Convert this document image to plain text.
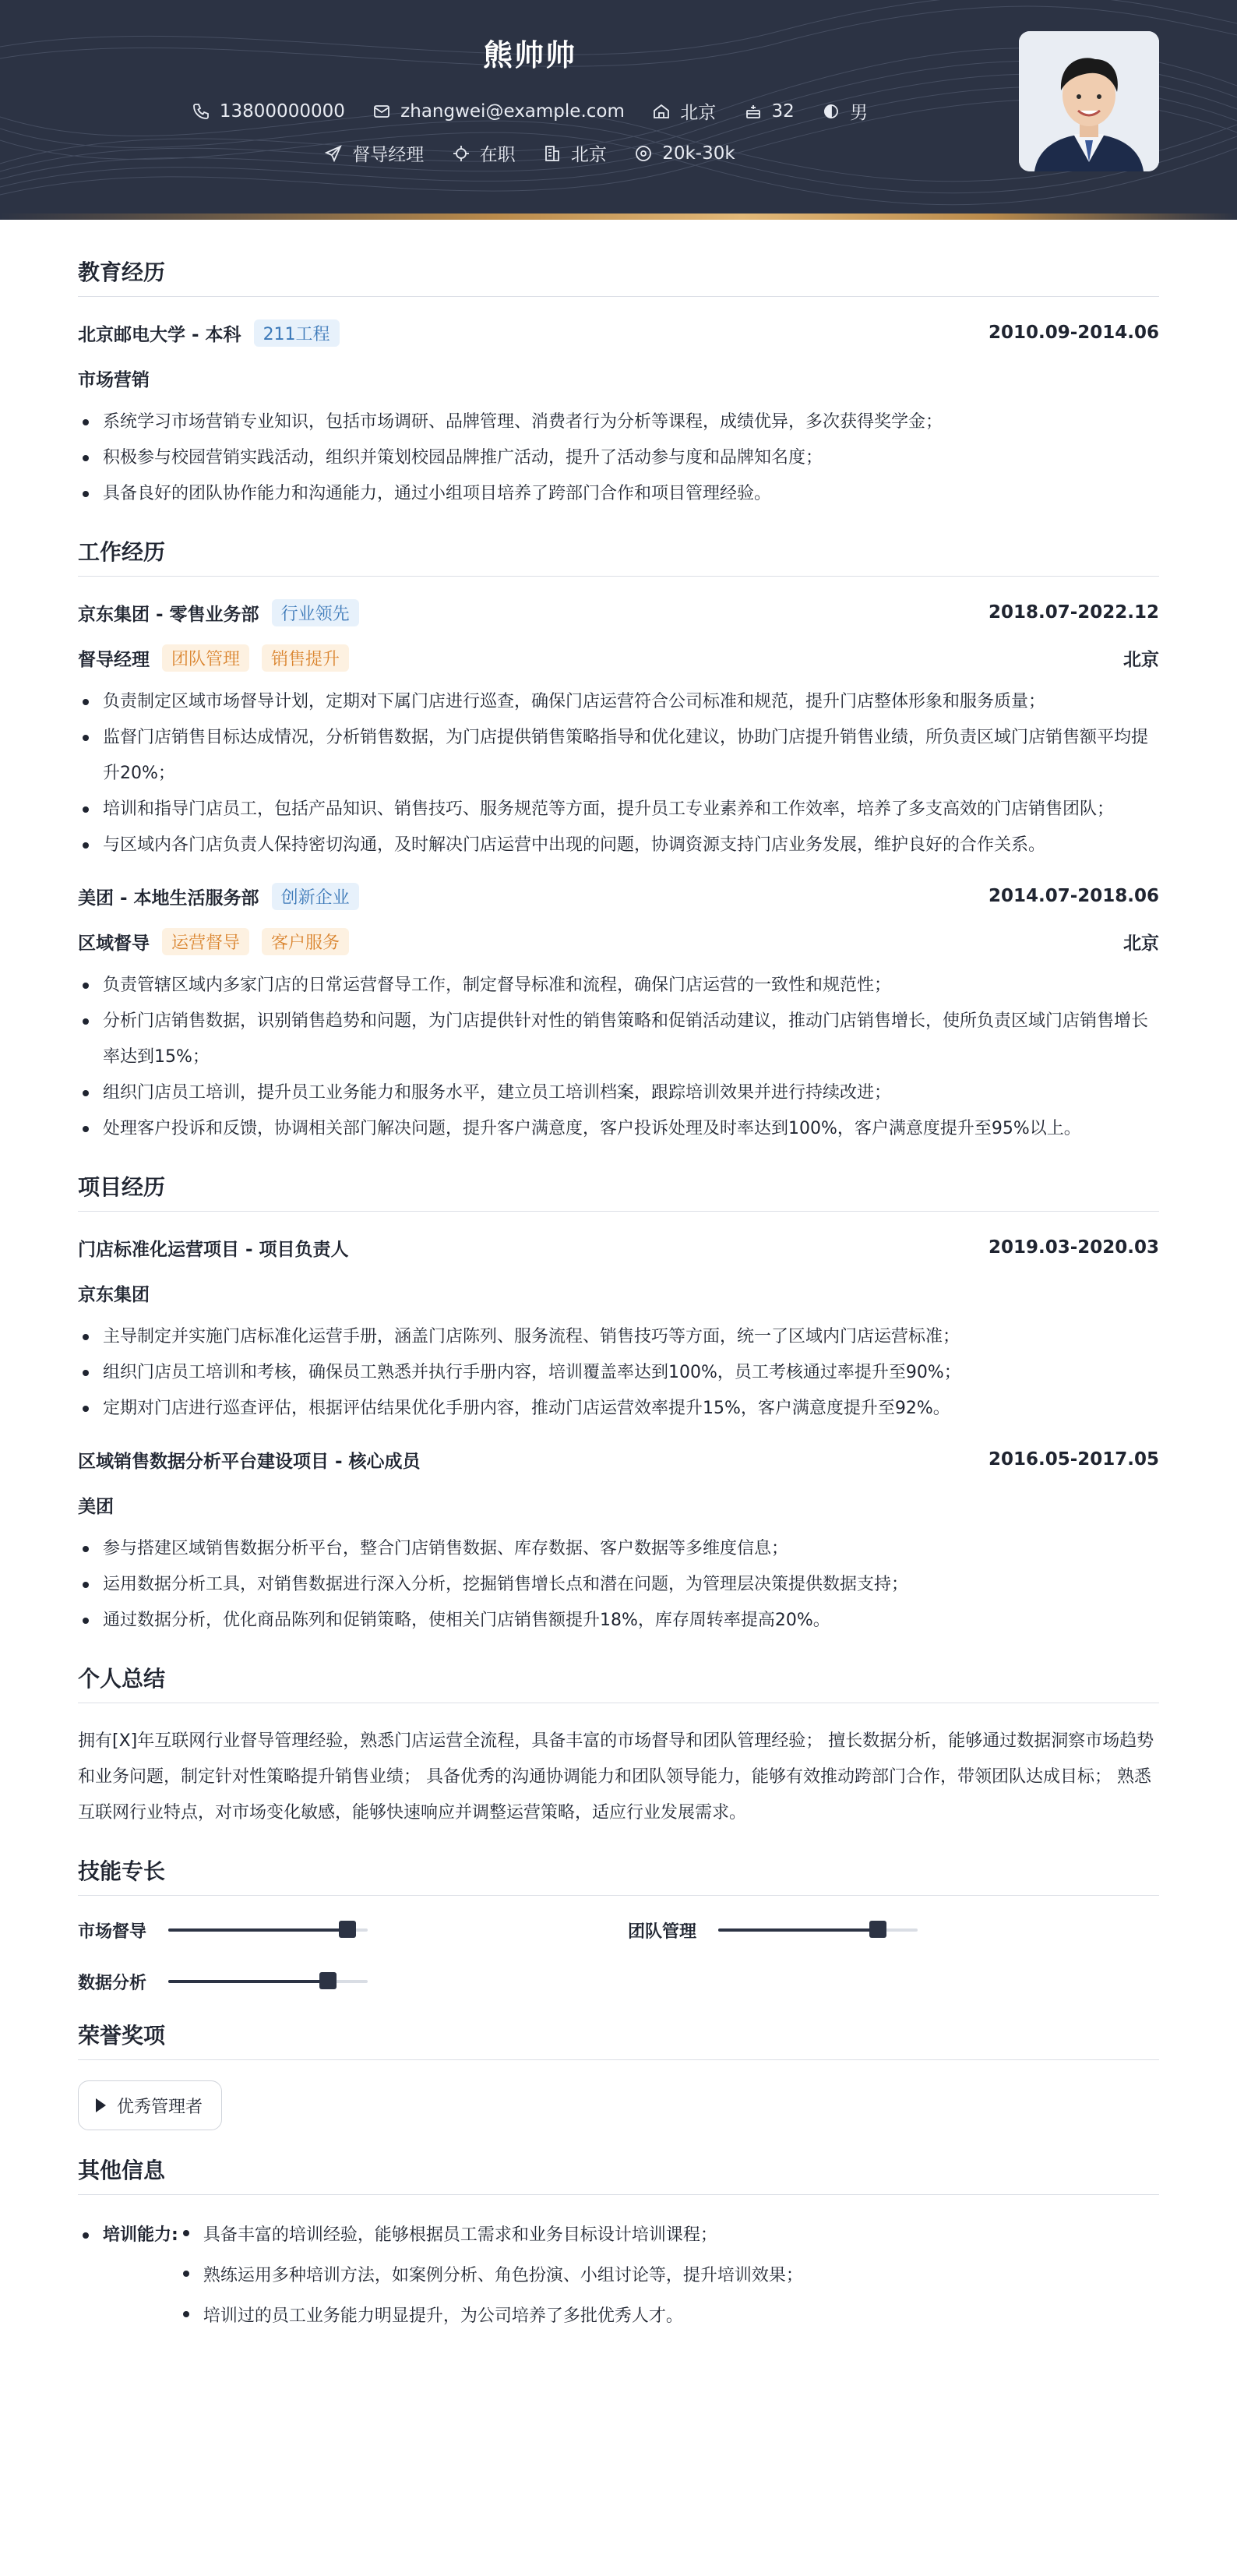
熊帅帅
13800000000
	zhangwei@example.com
	北京
	32
	男
督导经理
	在职
	北京
	20k-30k
教育经历
北京邮电大学 - 本科	211工程	2010.09-2014.06
市场营销
系统学习市场营销专业知识，包括市场调研、品牌管理、消费者行为分析等课程，成绩优异，多次获得奖学金；
积极参与校园营销实践活动，组织并策划校园品牌推广活动，提升了活动参与度和品牌知名度；
具备良好的团队协作能力和沟通能力，通过小组项目培养了跨部门合作和项目管理经验。
工作经历
京东集团 - 零售业务部	行业领先	2018.07-2022.12
督导经理	团队管理	销售提升	北京
负责制定区域市场督导计划，定期对下属门店进行巡查，确保门店运营符合公司标准和规范，提升门店整体形象和服务质量；
监督门店销售目标达成情况，分析销售数据，为门店提供销售策略指导和优化建议，协助门店提升销售业绩，所负责区域门店销售额平均提升20%；
培训和指导门店员工，包括产品知识、销售技巧、服务规范等方面，提升员工专业素养和工作效率，培养了多支高效的门店销售团队；
与区域内各门店负责人保持密切沟通，及时解决门店运营中出现的问题，协调资源支持门店业务发展，维护良好的合作关系。
美团 - 本地生活服务部	创新企业	2014.07-2018.06
区域督导	运营督导	客户服务	北京
负责管辖区域内多家门店的日常运营督导工作，制定督导标准和流程，确保门店运营的一致性和规范性；
分析门店销售数据，识别销售趋势和问题，为门店提供针对性的销售策略和促销活动建议，推动门店销售增长，使所负责区域门店销售增长率达到15%；
组织门店员工培训，提升员工业务能力和服务水平，建立员工培训档案，跟踪培训效果并进行持续改进；
处理客户投诉和反馈，协调相关部门解决问题，提升客户满意度，客户投诉处理及时率达到100%，客户满意度提升至95%以上。
项目经历
门店标准化运营项目 - 项目负责人	2019.03-2020.03
京东集团
主导制定并实施门店标准化运营手册，涵盖门店陈列、服务流程、销售技巧等方面，统一了区域内门店运营标准；
组织门店员工培训和考核，确保员工熟悉并执行手册内容，培训覆盖率达到100%，员工考核通过率提升至90%；
定期对门店进行巡查评估，根据评估结果优化手册内容，推动门店运营效率提升15%，客户满意度提升至92%。
区域销售数据分析平台建设项目 - 核心成员	2016.05-2017.05
美团
参与搭建区域销售数据分析平台，整合门店销售数据、库存数据、客户数据等多维度信息；
运用数据分析工具，对销售数据进行深入分析，挖掘销售增长点和潜在问题，为管理层决策提供数据支持；
通过数据分析，优化商品陈列和促销策略，使相关门店销售额提升18%，库存周转率提高20%。
个人总结
拥有[X]年互联网行业督导管理经验，熟悉门店运营全流程，具备丰富的市场督导和团队管理经验； 擅长数据分析，能够通过数据洞察市场趋势和业务问题，制定针对性策略提升销售业绩； 具备优秀的沟通协调能力和团队领导能力，能够有效推动跨部门合作，带领团队达成目标； 熟悉互联网行业特点，对市场变化敏感，能够快速响应并调整运营策略，适应行业发展需求。
技能专长
市场督导	团队管理
数据分析
荣誉奖项
优秀管理者
其他信息
培训能力:	具备丰富的培训经验，能够根据员工需求和业务目标设计培训课程；
熟练运用多种培训方法，如案例分析、角色扮演、小组讨论等，提升培训效果；
培训过的员工业务能力明显提升，为公司培养了多批优秀人才。
